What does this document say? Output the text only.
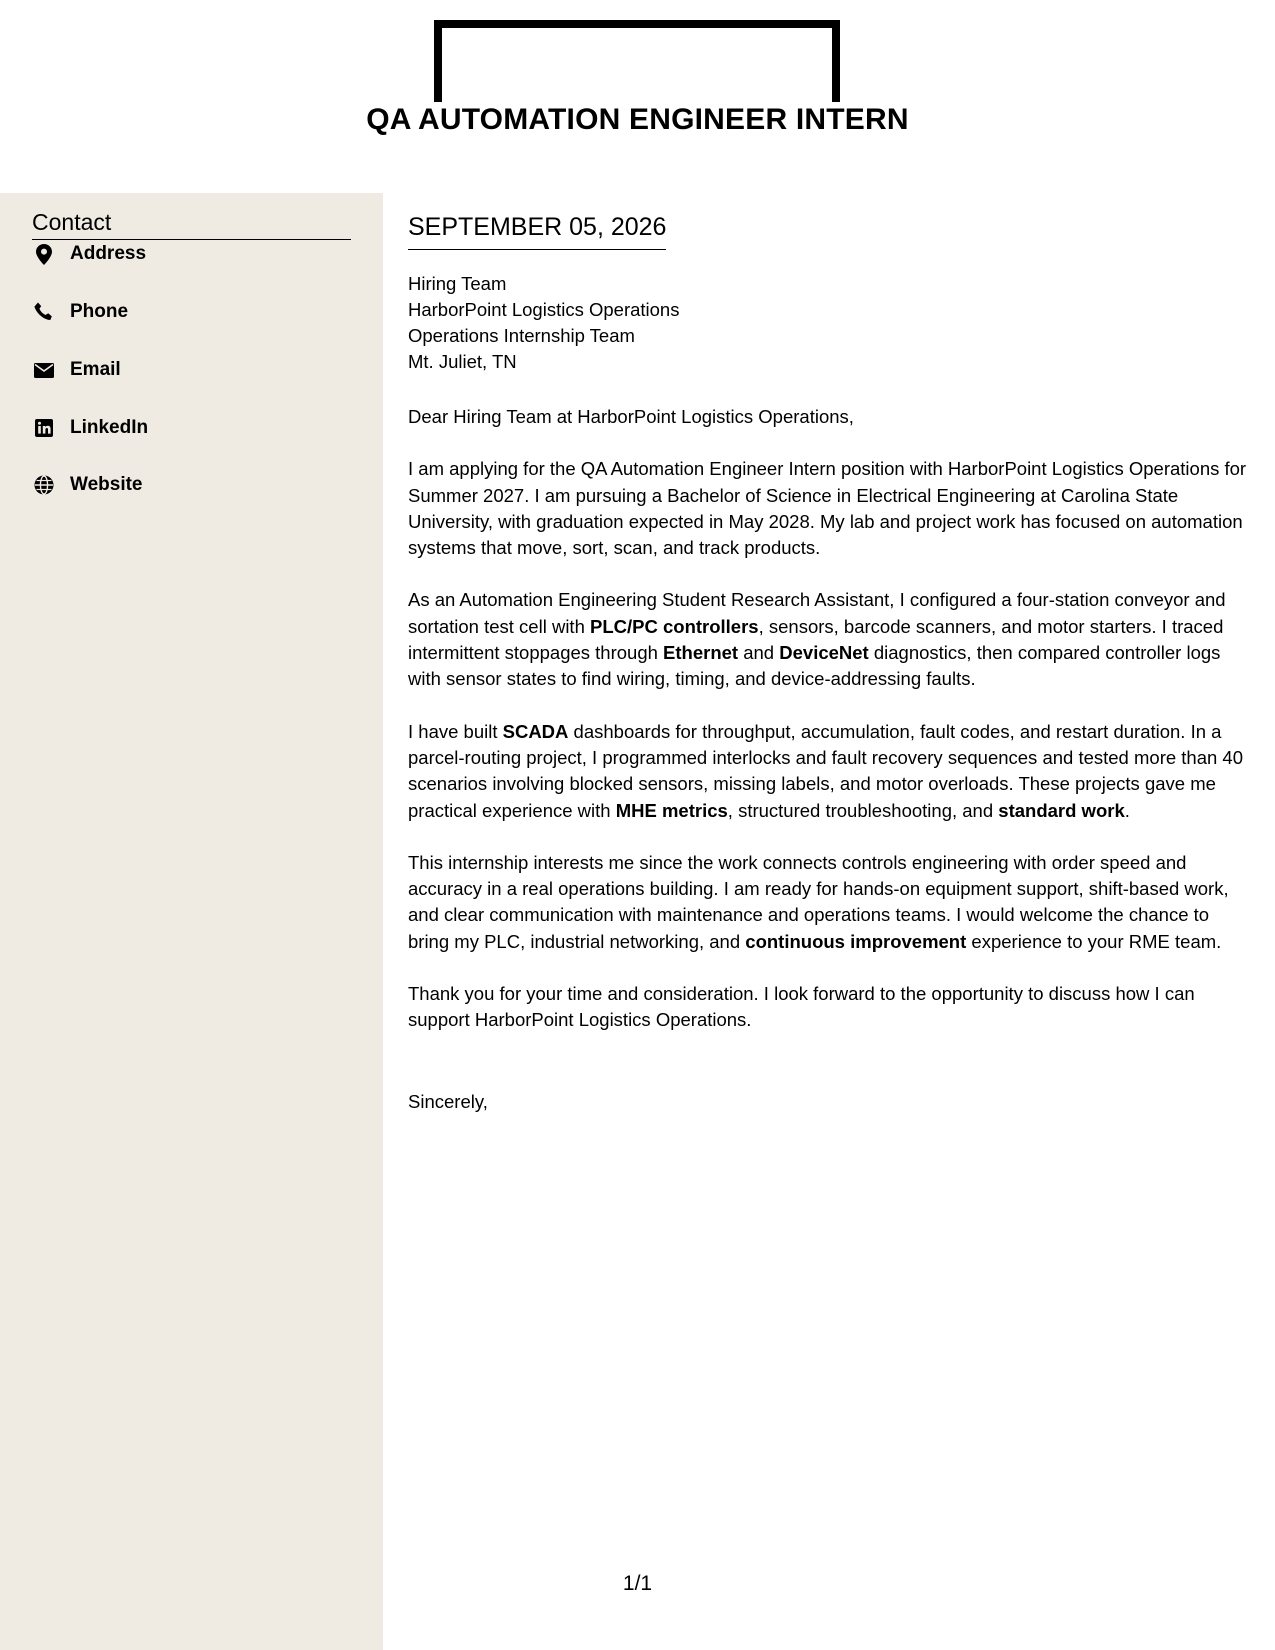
QA AUTOMATION ENGINEER INTERN
Contact
Address
Phone
Email
LinkedIn
Website
SEPTEMBER 05, 2026
Hiring Team
HarborPoint Logistics Operations
Operations Internship Team
Mt. Juliet, TN

Dear Hiring Team at HarborPoint Logistics Operations,

I am applying for the QA Automation Engineer Intern position with HarborPoint Logistics Operations for Summer 2027. I am pursuing a Bachelor of Science in Electrical Engineering at Carolina State University, with graduation expected in May 2028. My lab and project work has focused on automation systems that move, sort, scan, and track products.

As an Automation Engineering Student Research Assistant, I configured a four-station conveyor and sortation test cell with PLC/PC controllers, sensors, barcode scanners, and motor starters. I traced intermittent stoppages through Ethernet and DeviceNet diagnostics, then compared controller logs with sensor states to find wiring, timing, and device-addressing faults.

I have built SCADA dashboards for throughput, accumulation, fault codes, and restart duration. In a parcel-routing project, I programmed interlocks and fault recovery sequences and tested more than 40 scenarios involving blocked sensors, missing labels, and motor overloads. These projects gave me practical experience with MHE metrics, structured troubleshooting, and standard work.

This internship interests me since the work connects controls engineering with order speed and accuracy in a real operations building. I am ready for hands-on equipment support, shift-based work, and clear communication with maintenance and operations teams. I would welcome the chance to bring my PLC, industrial networking, and continuous improvement experience to your RME team.

Thank you for your time and consideration. I look forward to the opportunity to discuss how I can support HarborPoint Logistics Operations.

Sincerely,
1/1
